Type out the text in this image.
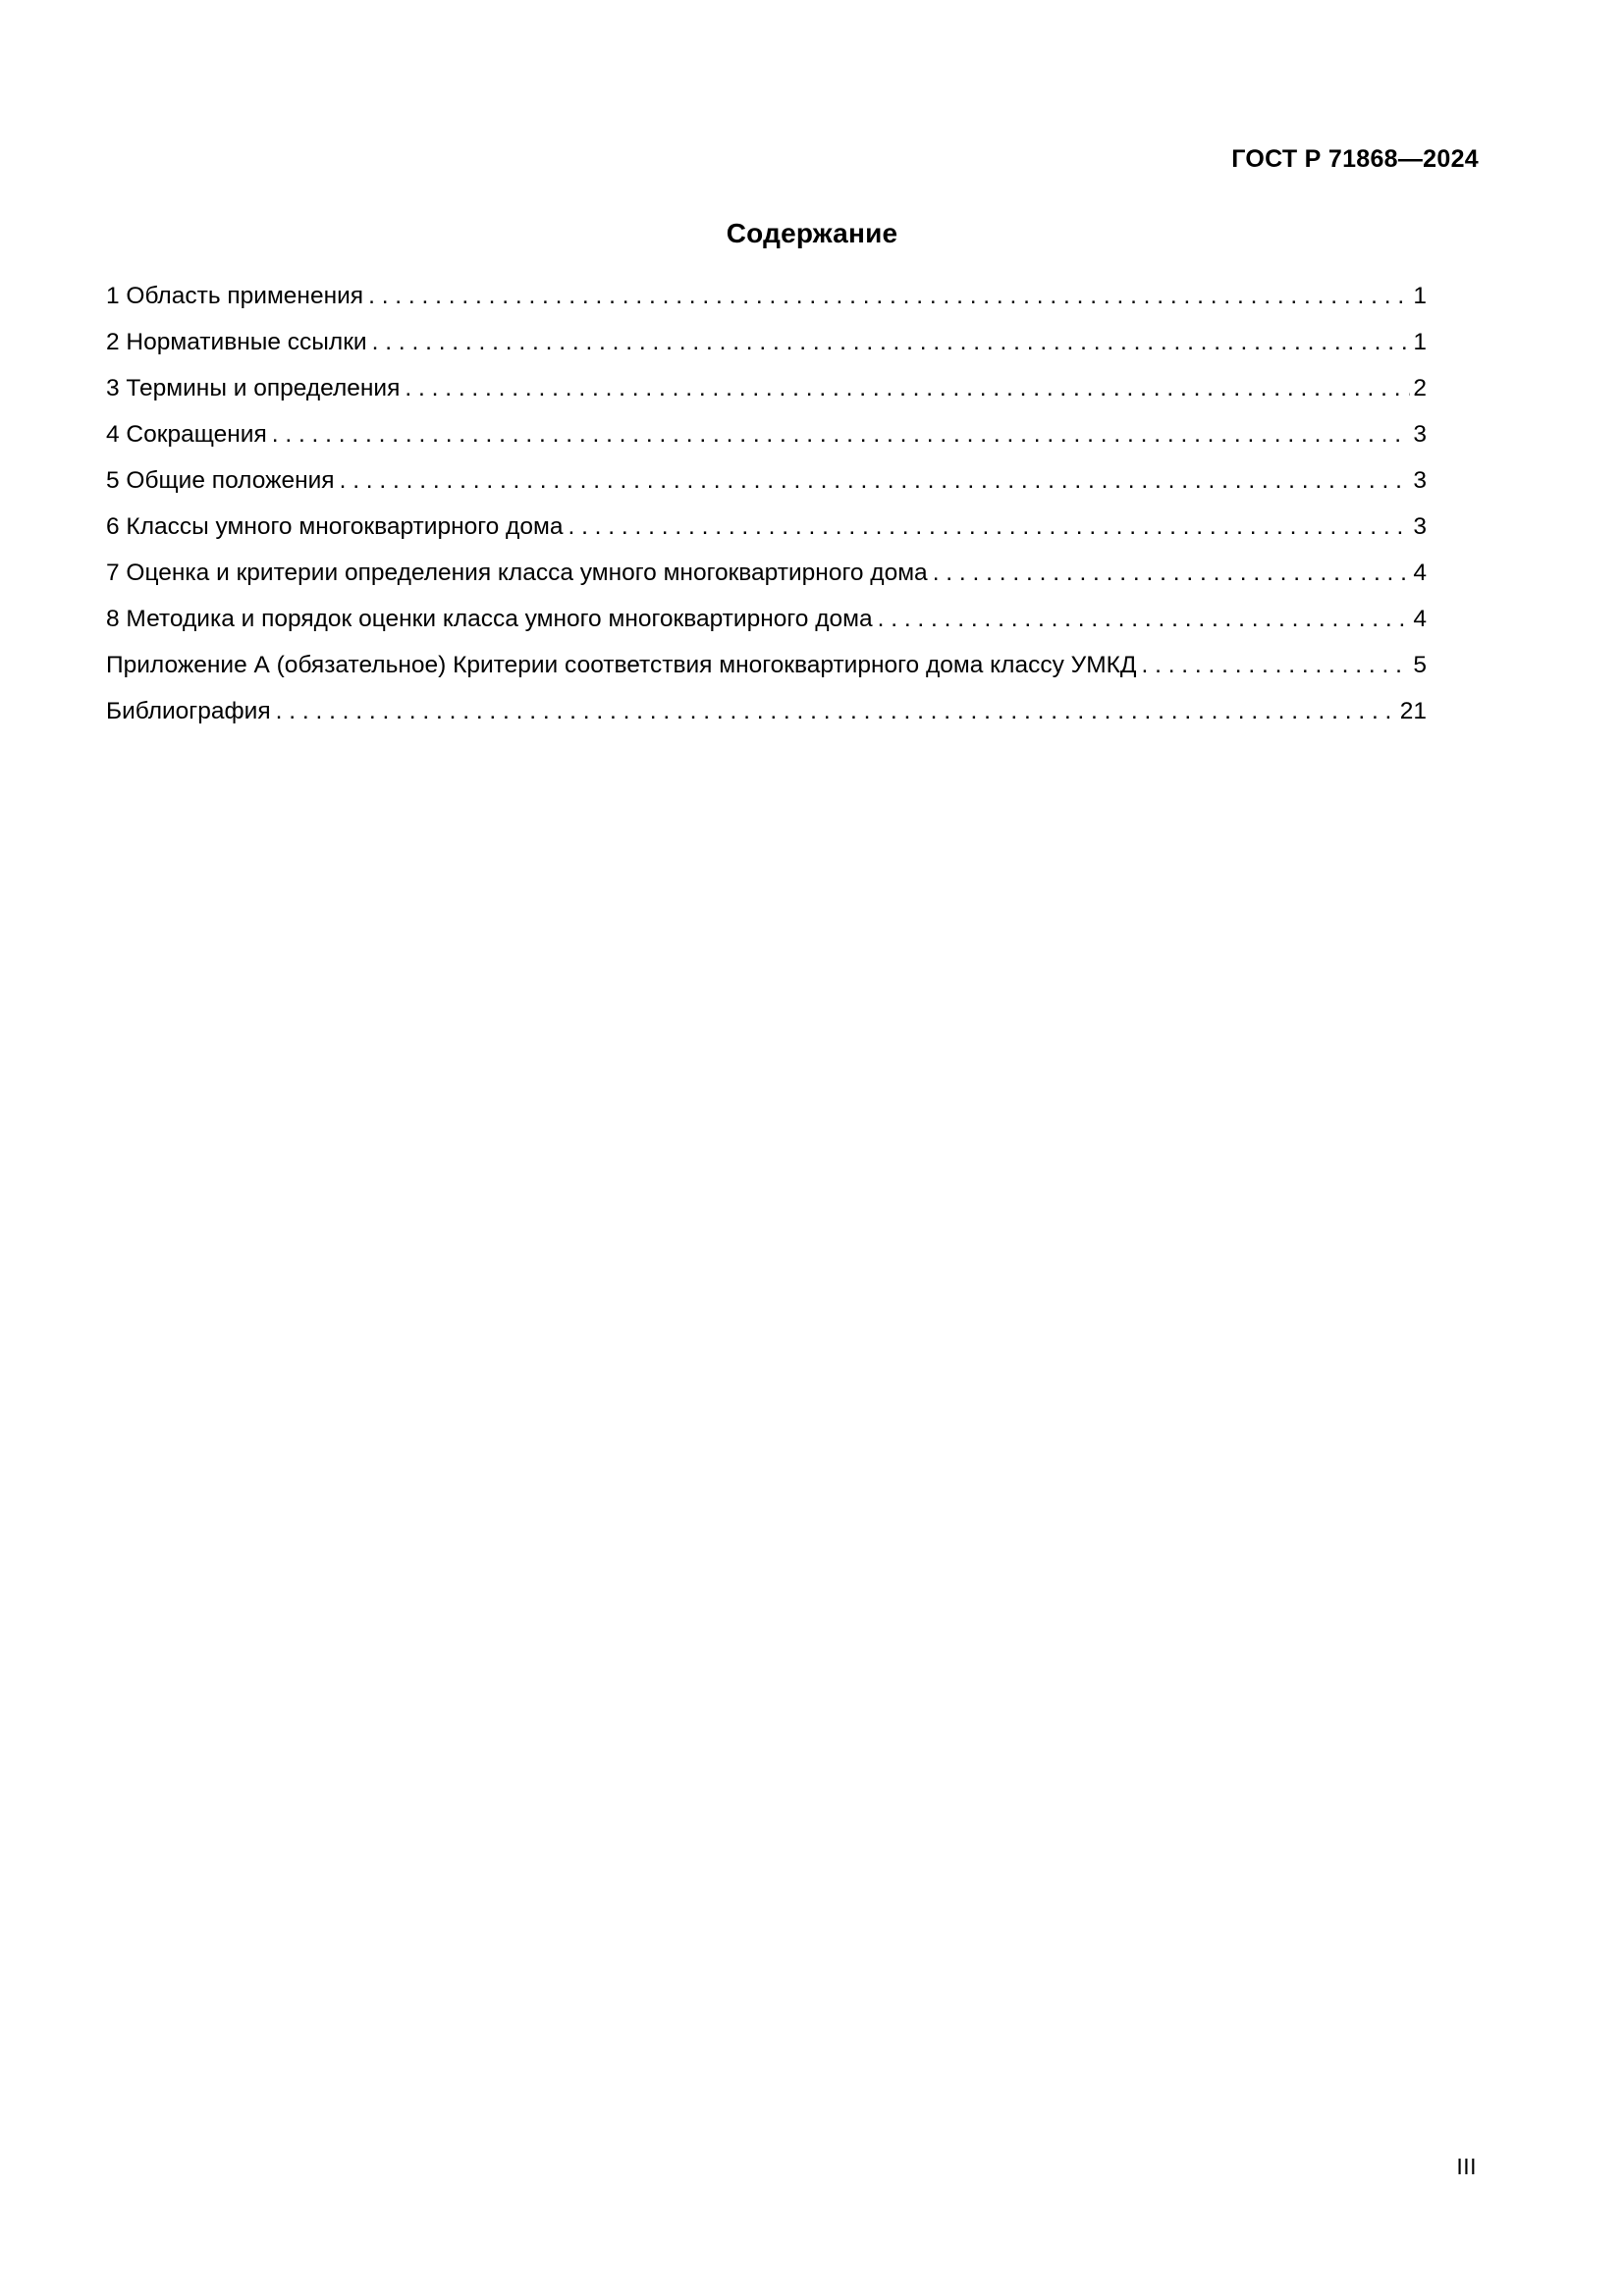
ГОСТ Р 71868—2024
Содержание
1 Область применения . . .	1
2 Нормативные ссылки . . .	1
3 Термины и определения . . .	2
4 Сокращения . . .	3
5 Общие положения . . .	3
6 Классы умного многоквартирного дома . . .	3
7 Оценка и критерии определения класса умного многоквартирного дома . . .	4
8 Методика и порядок оценки класса умного многоквартирного дома . . .	4
Приложение А (обязательное) Критерии соответствия многоквартирного дома классу УМКД . . .	5
Библиография . . .	21
III
